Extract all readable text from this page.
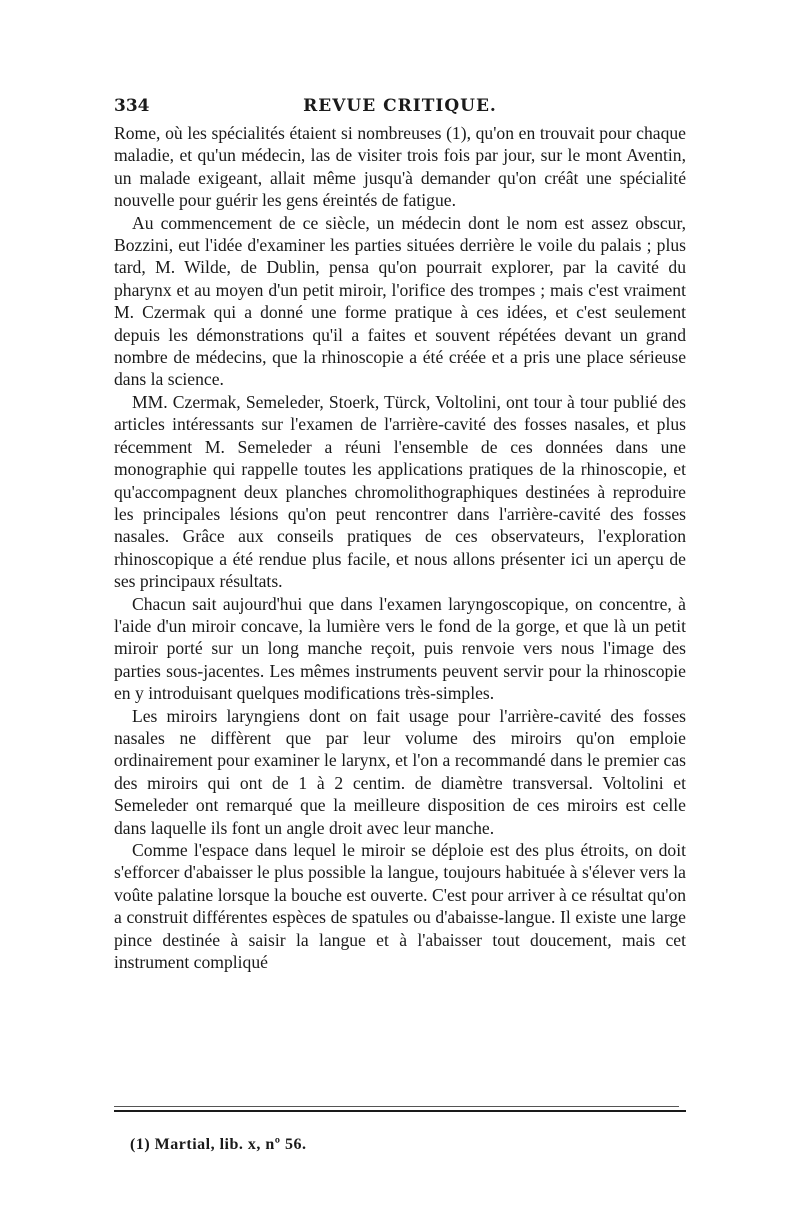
334	REVUE CRITIQUE.

Rome, où les spécialités étaient si nombreuses (1), qu'on en trouvait pour chaque maladie, et qu'un médecin, las de visiter trois fois par jour, sur le mont Aventin, un malade exigeant, allait même jusqu'à demander qu'on créât une spécialité nouvelle pour guérir les gens éreintés de fatigue.

Au commencement de ce siècle, un médecin dont le nom est assez obscur, Bozzini, eut l'idée d'examiner les parties situées derrière le voile du palais ; plus tard, M. Wilde, de Dublin, pensa qu'on pourrait explorer, par la cavité du pharynx et au moyen d'un petit miroir, l'orifice des trompes ; mais c'est vraiment M. Czermak qui a donné une forme pratique à ces idées, et c'est seulement depuis les démonstrations qu'il a faites et souvent répétées devant un grand nombre de médecins, que la rhinoscopie a été créée et a pris une place sérieuse dans la science.

MM. Czermak, Semeleder, Stoerk, Türck, Voltolini, ont tour à tour publié des articles intéressants sur l'examen de l'arrière-cavité des fosses nasales, et plus récemment M. Semeleder a réuni l'ensemble de ces données dans une monographie qui rappelle toutes les applications pratiques de la rhinoscopie, et qu'accompagnent deux planches chromolithographiques destinées à reproduire les principales lésions qu'on peut rencontrer dans l'arrière-cavité des fosses nasales. Grâce aux conseils pratiques de ces observateurs, l'exploration rhinoscopique a été rendue plus facile, et nous allons présenter ici un aperçu de ses principaux résultats.

Chacun sait aujourd'hui que dans l'examen laryngoscopique, on concentre, à l'aide d'un miroir concave, la lumière vers le fond de la gorge, et que là un petit miroir porté sur un long manche reçoit, puis renvoie vers nous l'image des parties sous-jacentes. Les mêmes instruments peuvent servir pour la rhinoscopie en y introduisant quelques modifications très-simples.

Les miroirs laryngiens dont on fait usage pour l'arrière-cavité des fosses nasales ne diffèrent que par leur volume des miroirs qu'on emploie ordinairement pour examiner le larynx, et l'on a recommandé dans le premier cas des miroirs qui ont de 1 à 2 centim. de diamètre transversal. Voltolini et Semeleder ont remarqué que la meilleure disposition de ces miroirs est celle dans laquelle ils font un angle droit avec leur manche.

Comme l'espace dans lequel le miroir se déploie est des plus étroits, on doit s'efforcer d'abaisser le plus possible la langue, toujours habituée à s'élever vers la voûte palatine lorsque la bouche est ouverte. C'est pour arriver à ce résultat qu'on a construit différentes espèces de spatules ou d'abaisse-langue. Il existe une large pince destinée à saisir la langue et à l'abaisser tout doucement, mais cet instrument compliqué

(1) Martial, lib. x, nº 56.
